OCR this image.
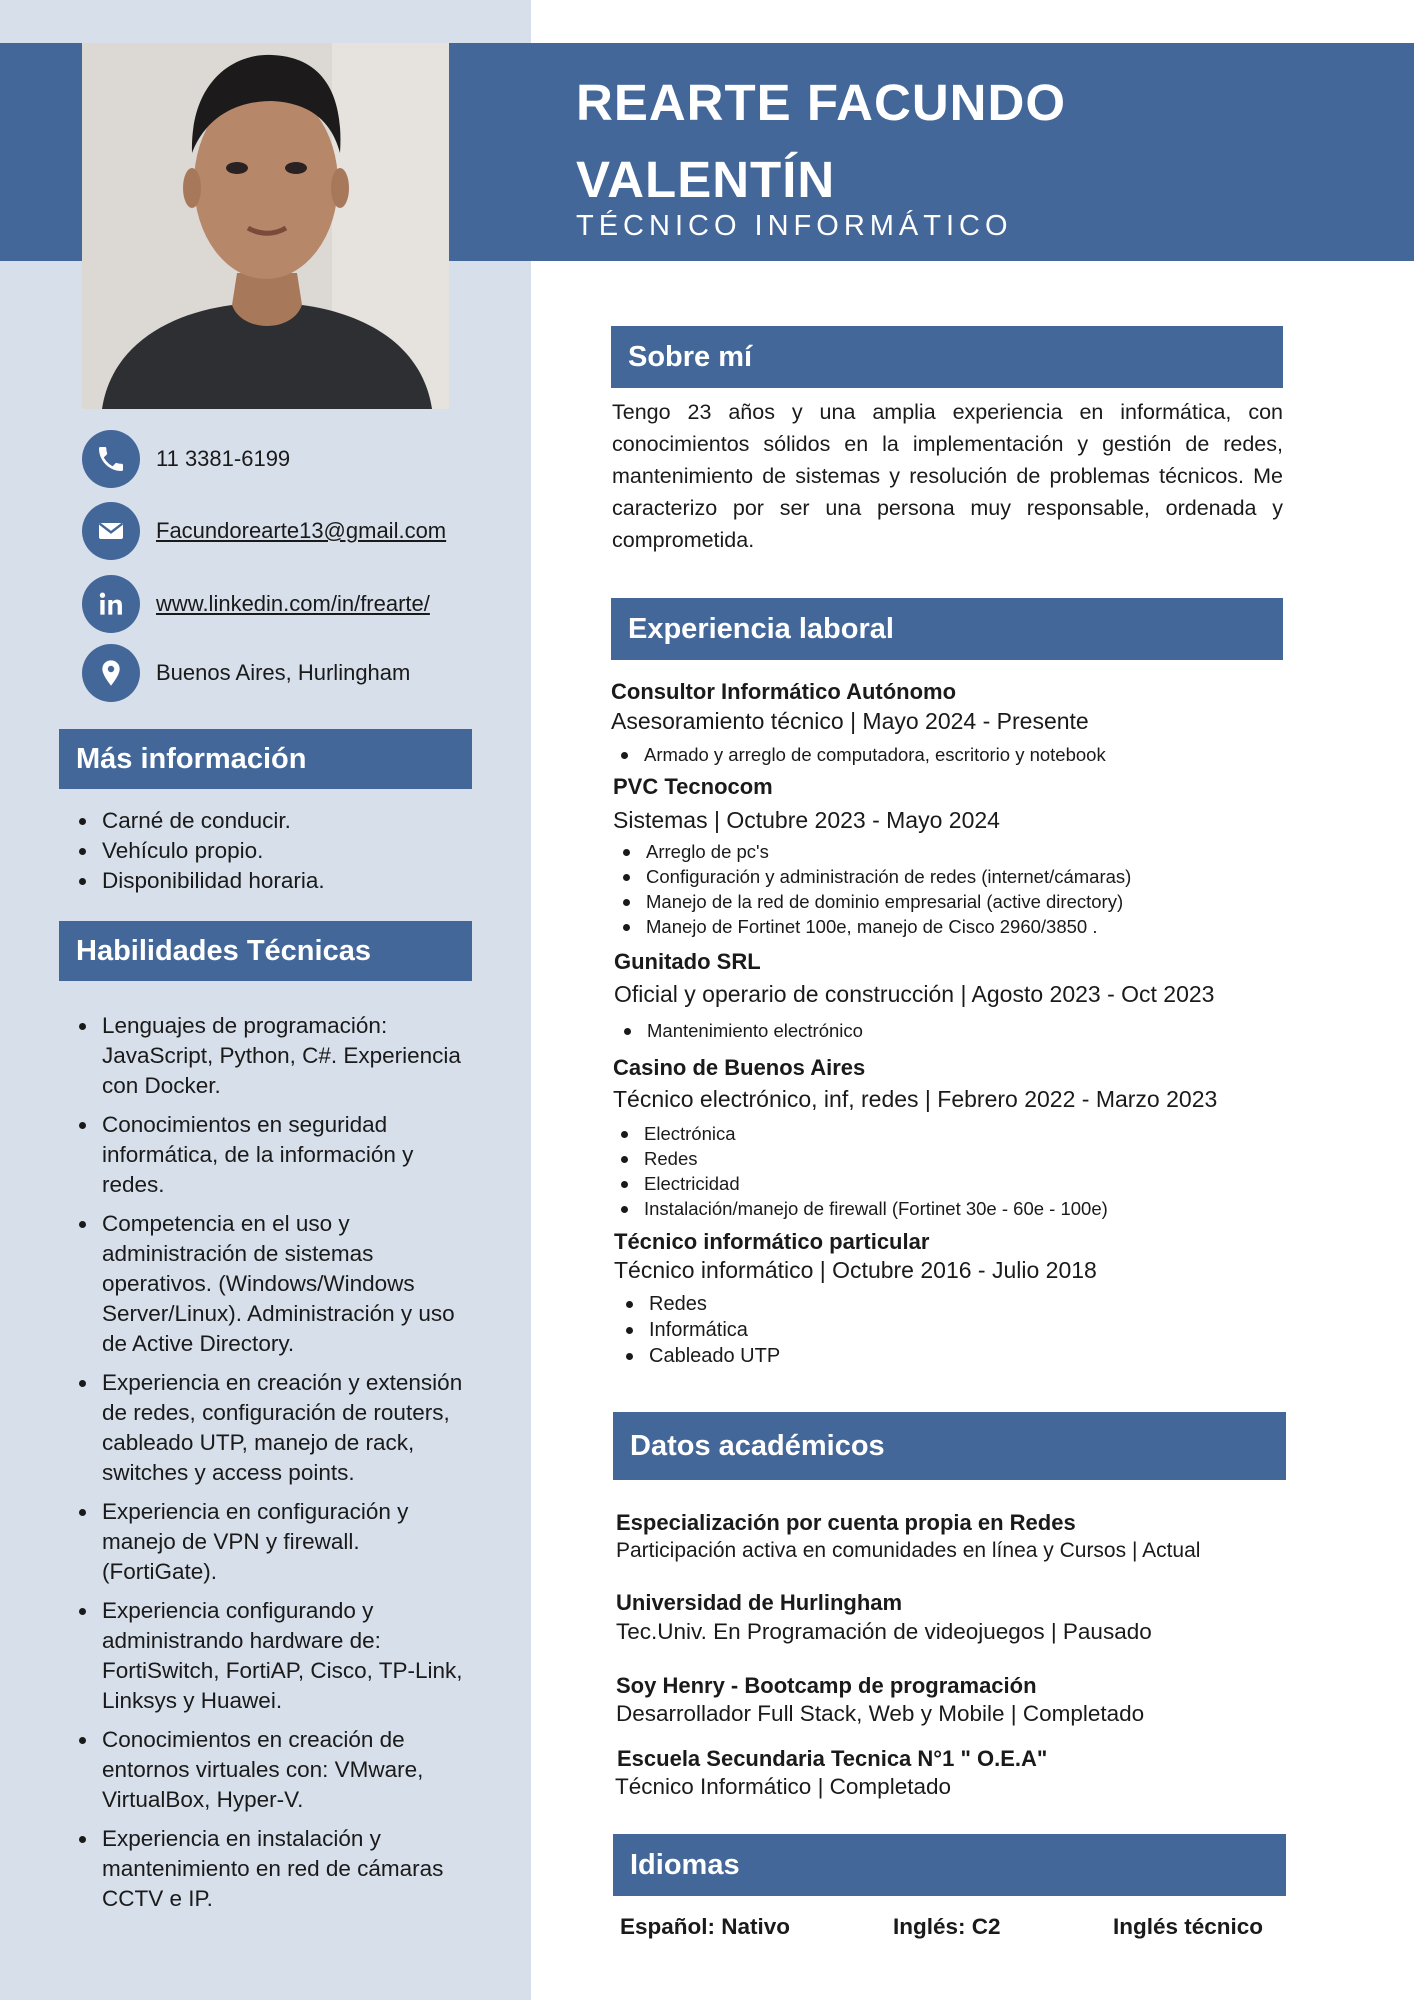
REARTE FACUNDO
VALENTÍN
TÉCNICO INFORMÁTICO
11 3381-6199
Facundorearte13@gmail.com
www.linkedin.com/in/frearte/
Buenos Aires, Hurlingham
Más información
Carné de conducir.
Vehículo propio.
Disponibilidad horaria.
Habilidades Técnicas
Lenguajes de programación: JavaScript, Python, C#. Experiencia con Docker.
Conocimientos en seguridad informática, de la información y redes.
Competencia en el uso y administración de sistemas operativos. (Windows/Windows Server/Linux). Administración y uso de Active Directory.
Experiencia en creación y extensión de redes, configuración de routers, cableado UTP, manejo de rack, switches y access points.
Experiencia en configuración y manejo de VPN y firewall. (FortiGate).
Experiencia configurando y administrando hardware de: FortiSwitch, FortiAP, Cisco, TP-Link, Linksys y Huawei.
Conocimientos en creación de entornos virtuales con: VMware, VirtualBox, Hyper-V.
Experiencia en instalación y mantenimiento en red de cámaras CCTV e IP.
Sobre mí

Tengo 23 años y una amplia experiencia en informática, con conocimientos sólidos en la implementación y gestión de redes, mantenimiento de sistemas y resolución de problemas técnicos. Me caracterizo por ser una persona muy responsable, ordenada y comprometida.

Experiencia laboral
Consultor Informático Autónomo
Asesoramiento técnico | Mayo 2024 - Presente
Armado y arreglo de computadora, escritorio y notebook
PVC Tecnocom
Sistemas | Octubre 2023 - Mayo 2024
Arreglo de pc's
Configuración y administración de redes (internet/cámaras)
Manejo de la red de dominio empresarial (active directory)
Manejo de Fortinet 100e, manejo de Cisco 2960/3850 .
Gunitado SRL
Oficial y operario de construcción | Agosto 2023 - Oct 2023
Mantenimiento electrónico
Casino de Buenos Aires
Técnico electrónico, inf, redes | Febrero 2022 - Marzo 2023
Electrónica
Redes
Electricidad
Instalación/manejo de firewall (Fortinet 30e - 60e - 100e)
Técnico informático particular
Técnico informático | Octubre 2016 - Julio 2018
Redes
Informática
Cableado UTP
Datos académicos
Especialización por cuenta propia en Redes
Participación activa en comunidades en línea y Cursos | Actual
Universidad de Hurlingham
Tec.Univ. En Programación de videojuegos | Pausado
Soy Henry - Bootcamp de programación
Desarrollador Full Stack, Web y Mobile | Completado
Escuela Secundaria Tecnica N°1 " O.E.A"
Técnico Informático | Completado
Idiomas
Español: Nativo	Inglés: C2	Inglés técnico
